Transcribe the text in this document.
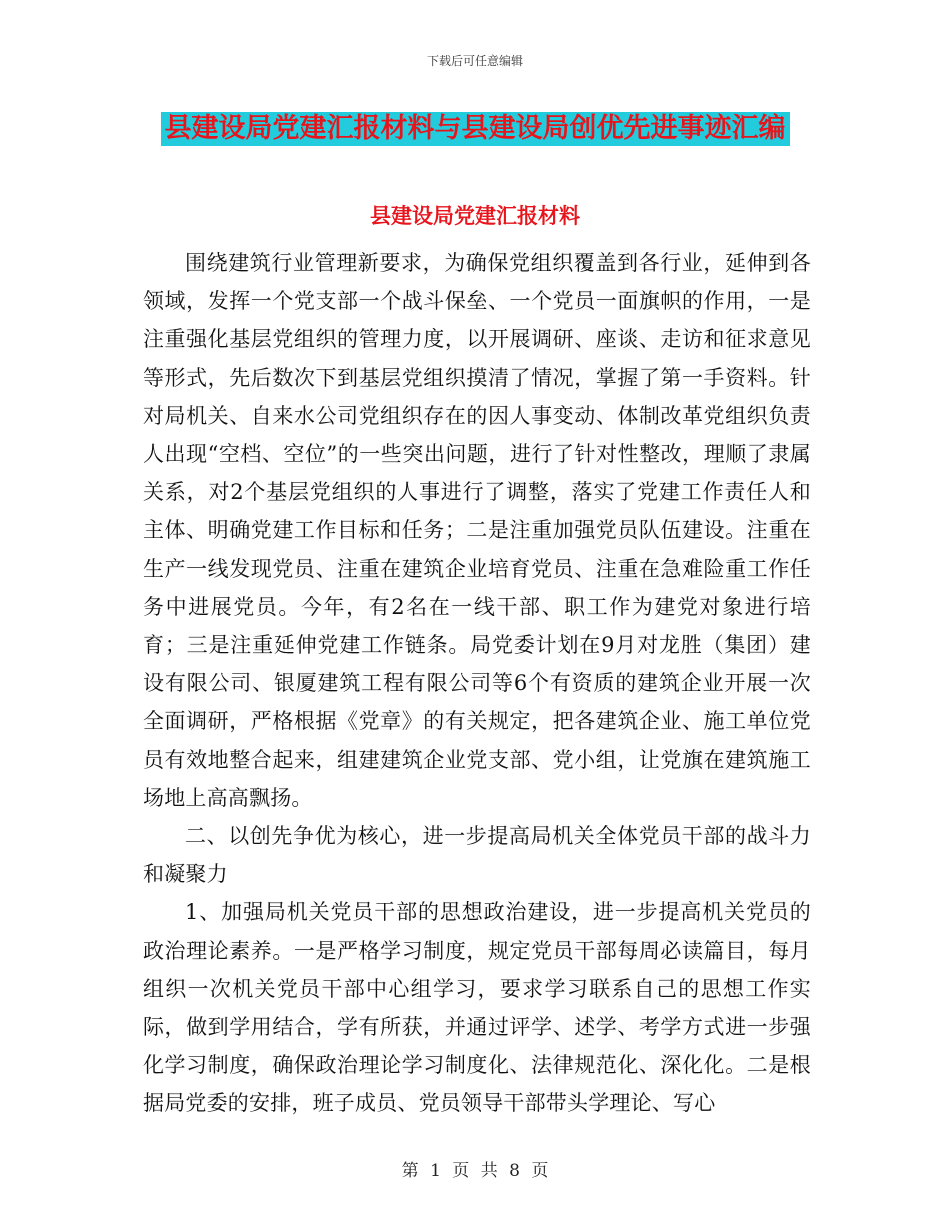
下载后可任意编辑
县建设局党建汇报材料与县建设局创优先进事迹汇编
县建设局党建汇报材料

围绕建筑行业管理新要求，为确保党组织覆盖到各行业，延伸到各领域，发挥一个党支部一个战斗保垒、一个党员一面旗帜的作用，一是注重强化基层党组织的管理力度，以开展调研、座谈、走访和征求意见等形式，先后数次下到基层党组织摸清了情况，掌握了第一手资料。针对局机关、自来水公司党组织存在的因人事变动、体制改革党组织负责人出现“空档、空位”的一些突出问题，进行了针对性整改，理顺了隶属关系，对2个基层党组织的人事进行了调整，落实了党建工作责任人和主体、明确党建工作目标和任务；二是注重加强党员队伍建设。注重在生产一线发现党员、注重在建筑企业培育党员、注重在急难险重工作任务中进展党员。今年，有2名在一线干部、职工作为建党对象进行培育；三是注重延伸党建工作链条。局党委计划在9月对龙胜（集团）建设有限公司、银厦建筑工程有限公司等6个有资质的建筑企业开展一次全面调研，严格根据《党章》的有关规定，把各建筑企业、施工单位党员有效地整合起来，组建建筑企业党支部、党小组，让党旗在建筑施工场地上高高飘扬。

二、以创先争优为核心，进一步提高局机关全体党员干部的战斗力和凝聚力

1、加强局机关党员干部的思想政治建设，进一步提高机关党员的政治理论素养。一是严格学习制度，规定党员干部每周必读篇目，每月组织一次机关党员干部中心组学习，要求学习联系自己的思想工作实际，做到学用结合，学有所获，并通过评学、述学、考学方式进一步强化学习制度，确保政治理论学习制度化、法律规范化、深化化。二是根据局党委的安排，班子成员、党员领导干部带头学理论、写心

第 1 页 共 8 页
